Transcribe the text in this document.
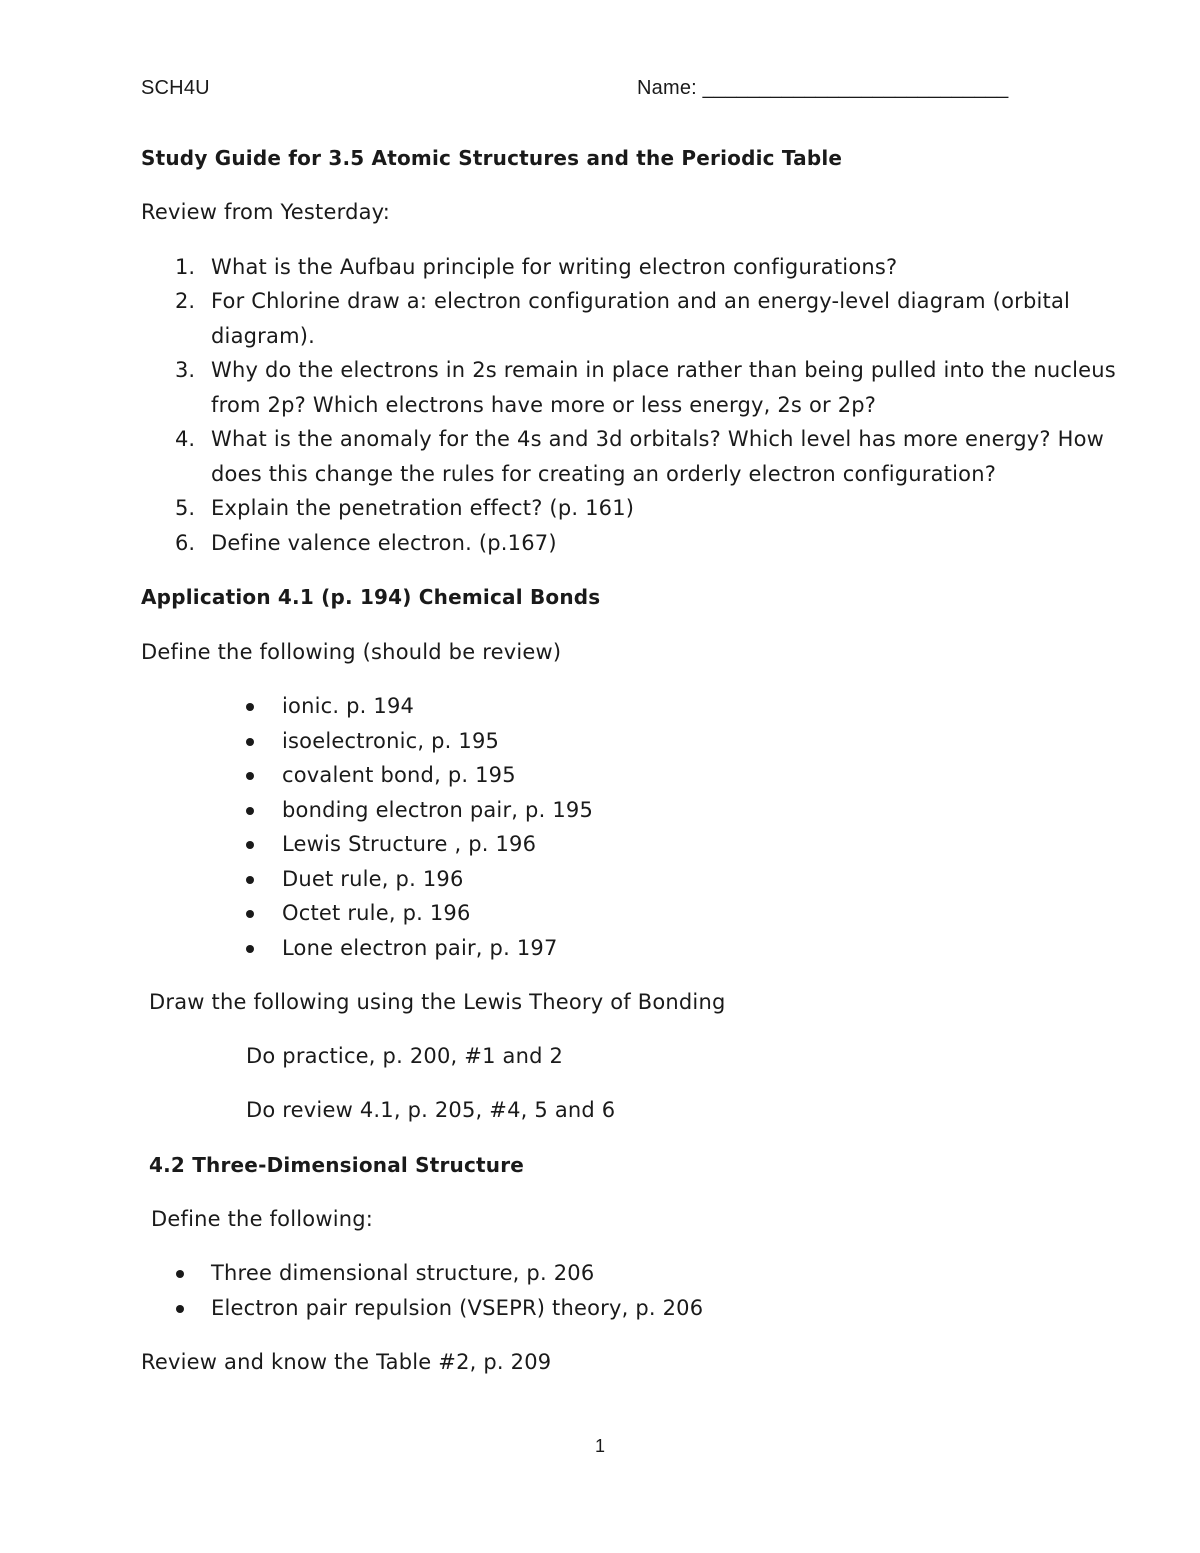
SCH4U	Name: ___________________________
Study Guide for 3.5 Atomic Structures and the Periodic Table
Review from Yesterday:
1. What is the Aufbau principle for writing electron configurations?
2. For Chlorine draw a: electron configuration and an energy-level diagram (orbital
diagram).
3. Why do the electrons in 2s remain in place rather than being pulled into the nucleus
from 2p? Which electrons have more or less energy, 2s or 2p?
4. What is the anomaly for the 4s and 3d orbitals? Which level has more energy? How
does this change the rules for creating an orderly electron configuration?
5. Explain the penetration effect? (p. 161)
6. Define valence electron. (p.167)
Application 4.1 (p. 194) Chemical Bonds
Define the following (should be review)
ionic. p. 194
isoelectronic, p. 195
covalent bond, p. 195
bonding electron pair, p. 195
Lewis Structure , p. 196
Duet rule, p. 196
Octet rule, p. 196
Lone electron pair, p. 197
Draw the following using the Lewis Theory of Bonding
Do practice, p. 200, #1 and 2
Do review 4.1, p. 205, #4, 5 and 6
4.2 Three-Dimensional Structure
Define the following:
Three dimensional structure, p. 206
Electron pair repulsion (VSEPR) theory, p. 206
Review and know the Table #2, p. 209
1
